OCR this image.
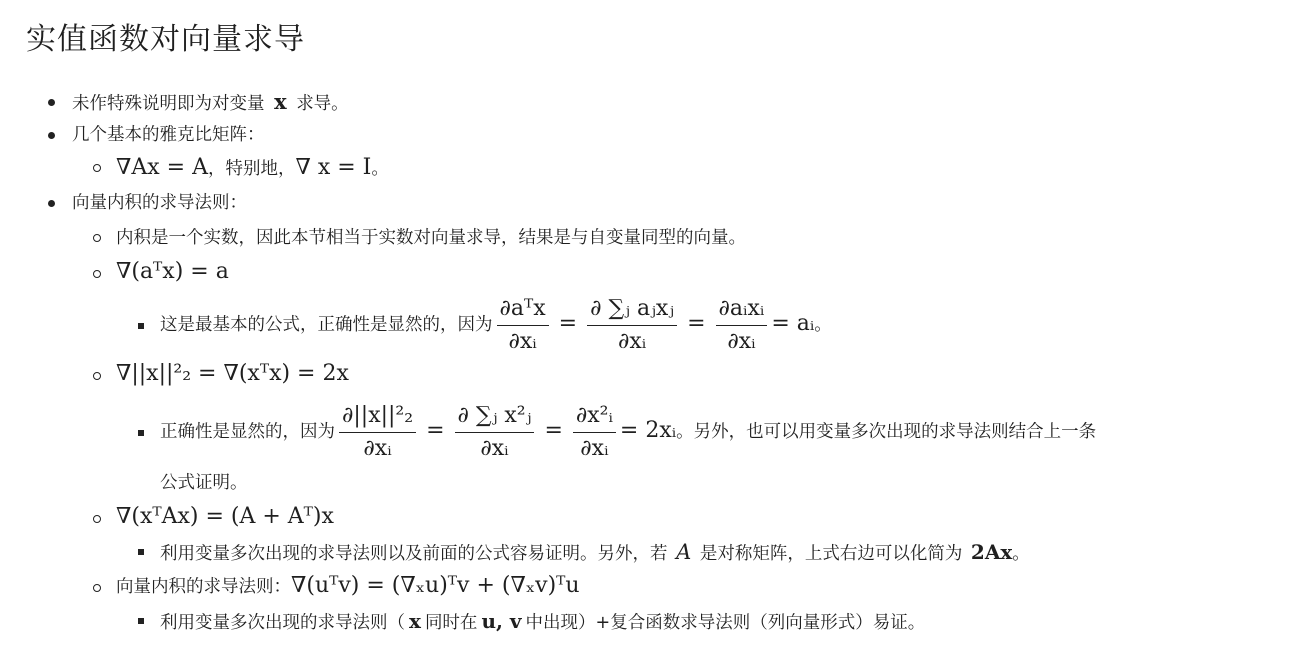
实值函数对向量求导
未作特殊说明即为对变量 x 求导。
几个基本的雅克比矩阵：
∇Ax = A，特别地，∇ x = I。
向量内积的求导法则：
内积是一个实数，因此本节相当于实数对向量求导，结果是与自变量同型的向量。
∇(aᵀx) = a
这是最基本的公式，正确性是显然的，因为 $\frac{\text{∂aᵀx}}{\text{∂xᵢ}} = \frac{\text{∂ ∑ⱼ aⱼxⱼ}}{\text{∂xᵢ}} = \frac{\text{∂aᵢxᵢ}}{\text{∂xᵢ}}$ = aᵢ。
∇||x||²₂ = ∇(xᵀx) = 2x
正确性是显然的，因为 $\frac{\text{∂||x||²₂}}{\text{∂xᵢ}} = \frac{\text{∂ ∑ⱼ x²ⱼ}}{\text{∂xᵢ}} = \frac{\text{∂x²ᵢ}}{\text{∂xᵢ}}$ = 2xᵢ。另外，也可以用变量多次出现的求导法则结合上一条
公式证明。
∇(xᵀAx) = (A + Aᵀ)x
利用变量多次出现的求导法则以及前面的公式容易证明。另外，若 A 是对称矩阵，上式右边可以化简为 2Ax。
向量内积的求导法则：∇(uᵀv) = (∇ₓu)ᵀv + (∇ₓv)ᵀu
利用变量多次出现的求导法则（ x 同时在 u, v 中出现）+复合函数求导法则（列向量形式）易证。
